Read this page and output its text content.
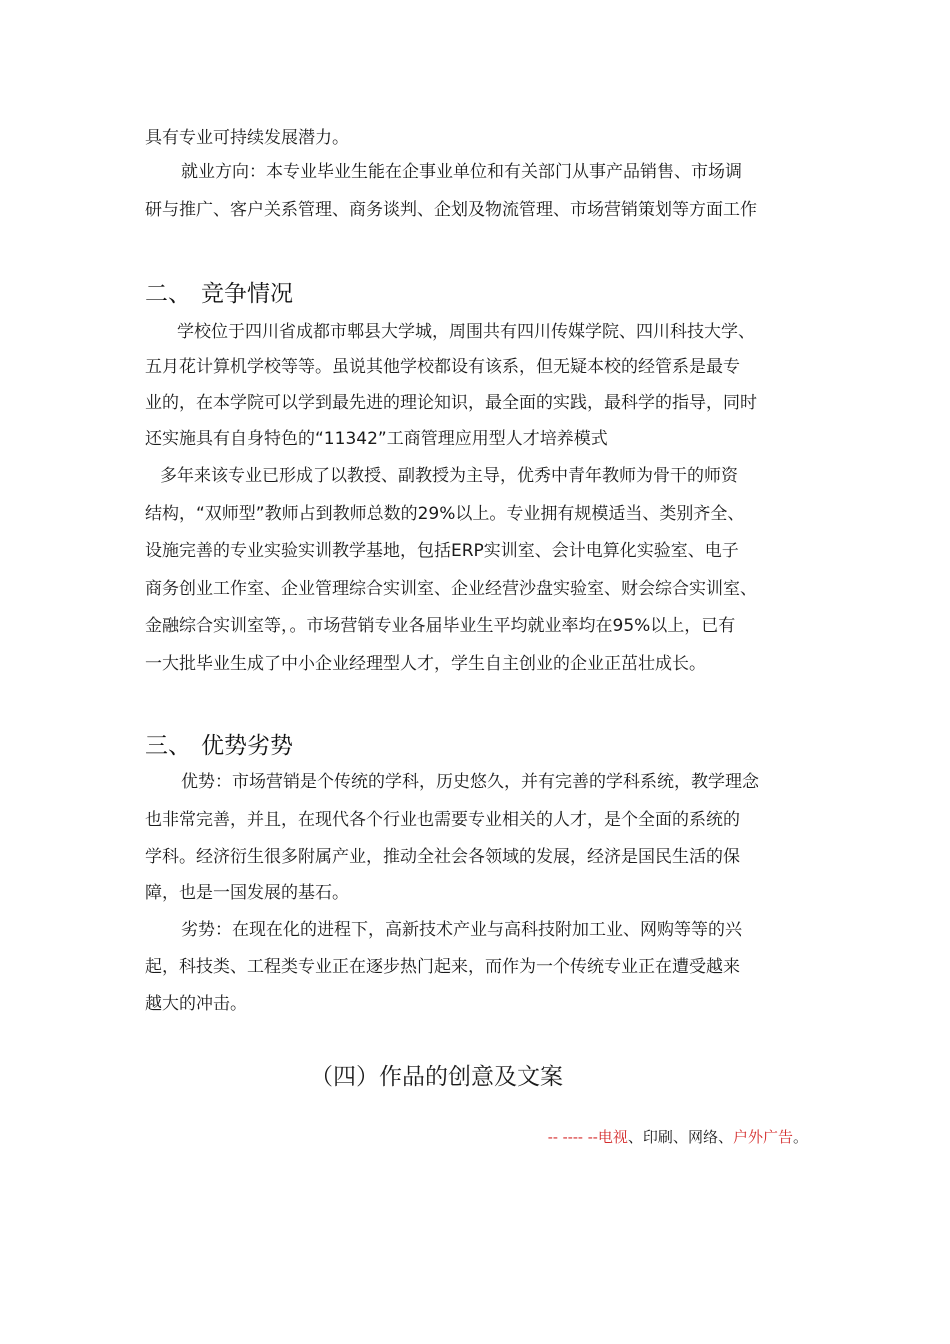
具有专业可持续发展潜力。
就业方向：本专业毕业生能在企事业单位和有关部门从事产品销售、市场调
研与推广、客户关系管理、商务谈判、企划及物流管理、市场营销策划等方面工作
二、 竞争情况
学校位于四川省成都市郫县大学城，周围共有四川传媒学院、四川科技大学、
五月花计算机学校等等。虽说其他学校都设有该系，但无疑本校的经管系是最专
业的，在本学院可以学到最先进的理论知识，最全面的实践，最科学的指导，同时
还实施具有自身特色的“11342”工商管理应用型人才培养模式
多年来该专业已形成了以教授、副教授为主导，优秀中青年教师为骨干的师资
结构，“双师型”教师占到教师总数的29%以上。专业拥有规模适当、类别齐全、
设施完善的专业实验实训教学基地，包括ERP实训室、会计电算化实验室、电子
商务创业工作室、企业管理综合实训室、企业经营沙盘实验室、财会综合实训室、
金融综合实训室等，。市场营销专业各届毕业生平均就业率均在95%以上，已有
一大批毕业生成了中小企业经理型人才，学生自主创业的企业正茁壮成长。
三、 优势劣势
优势：市场营销是个传统的学科，历史悠久，并有完善的学科系统，教学理念
也非常完善，并且，在现代各个行业也需要专业相关的人才，是个全面的系统的
学科。经济衍生很多附属产业，推动全社会各领域的发展，经济是国民生活的保
障，也是一国发展的基石。
劣势：在现在化的进程下，高新技术产业与高科技附加工业、网购等等的兴
起，科技类、工程类专业正在逐步热门起来，而作为一个传统专业正在遭受越来
越大的冲击。
（四）作品的创意及文案
-- ---- --电视、印刷、网络、户外广告。
